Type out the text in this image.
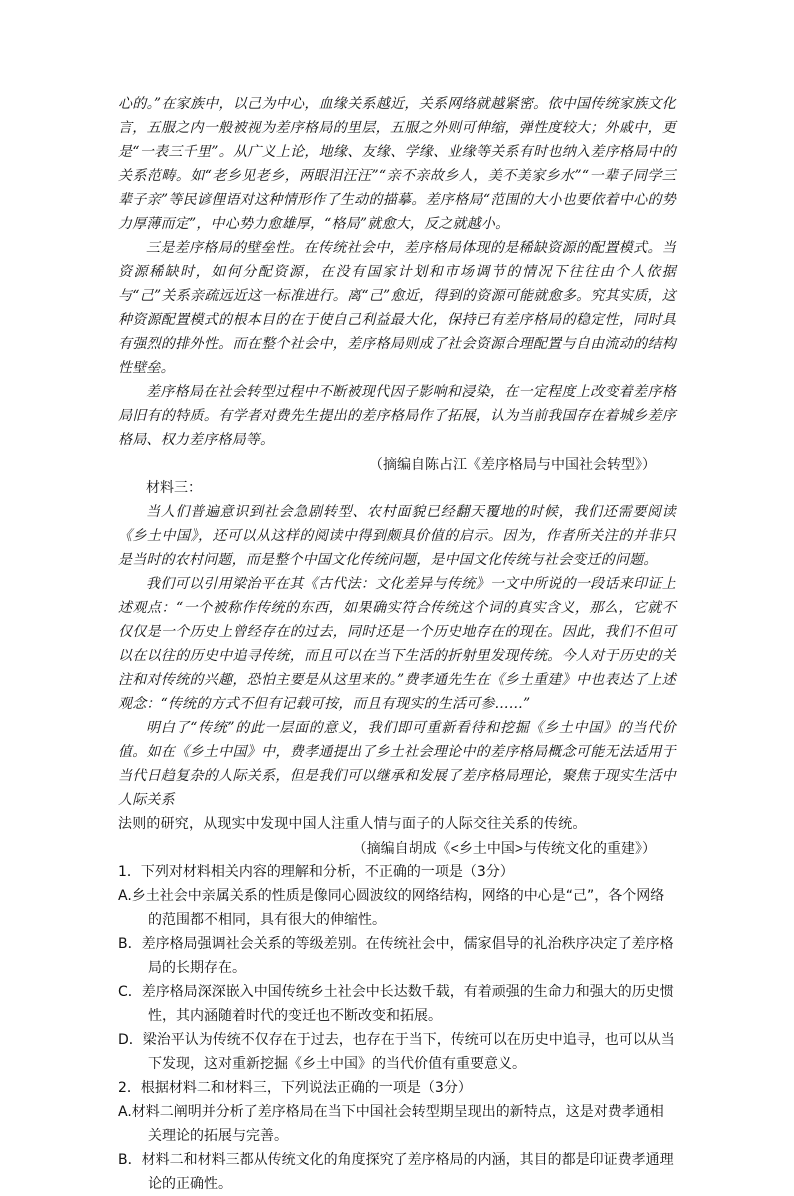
心的。”在家族中，以己为中心，血缘关系越近，关系网络就越紧密。依中国传统家族文化言，五服之内一般被视为差序格局的里层，五服之外则可伸缩，弹性度较大；外戚中，更是“一表三千里”。从广义上论，地缘、友缘、学缘、业缘等关系有时也纳入差序格局中的关系范畴。如“老乡见老乡，两眼泪汪汪”“亲不亲故乡人，美不美家乡水”“一辈子同学三辈子亲”等民谚俚语对这种情形作了生动的描摹。差序格局“范围的大小也要依着中心的势力厚薄而定”，中心势力愈雄厚，“格局”就愈大，反之就越小。

三是差序格局的壁垒性。在传统社会中，差序格局体现的是稀缺资源的配置模式。当资源稀缺时，如何分配资源，在没有国家计划和市场调节的情况下往往由个人依据与“己”关系亲疏远近这一标准进行。离“己”愈近，得到的资源可能就愈多。究其实质，这种资源配置模式的根本目的在于使自己利益最大化，保持已有差序格局的稳定性，同时具有强烈的排外性。而在整个社会中，差序格局则成了社会资源合理配置与自由流动的结构性壁垒。

差序格局在社会转型过程中不断被现代因子影响和浸染，在一定程度上改变着差序格局旧有的特质。有学者对费先生提出的差序格局作了拓展，认为当前我国存在着城乡差序格局、权力差序格局等。

（摘编自陈占江《差序格局与中国社会转型》）

材料三：

当人们普遍意识到社会急剧转型、农村面貌已经翻天覆地的时候，我们还需要阅读《乡土中国》，还可以从这样的阅读中得到颇具价值的启示。因为，作者所关注的并非只是当时的农村问题，而是整个中国文化传统问题，是中国文化传统与社会变迁的问题。

我们可以引用梁治平在其《古代法：文化差异与传统》一文中所说的一段话来印证上述观点：“一个被称作传统的东西，如果确实符合传统这个词的真实含义，那么，它就不仅仅是一个历史上曾经存在的过去，同时还是一个历史地存在的现在。因此，我们不但可以在以往的历史中追寻传统，而且可以在当下生活的折射里发现传统。今人对于历史的关注和对传统的兴趣，恐怕主要是从这里来的。”费孝通先生在《乡土重建》中也表达了上述观念：“传统的方式不但有记载可按，而且有现实的生活可参……”

明白了“传统”的此一层面的意义，我们即可重新看待和挖掘《乡土中国》的当代价值。如在《乡土中国》中，费孝通提出了乡土社会理论中的差序格局概念可能无法适用于当代日趋复杂的人际关系，但是我们可以继承和发展了差序格局理论，聚焦于现实生活中人际关系

法则的研究，从现实中发现中国人注重人情与面子的人际交往关系的传统。

（摘编自胡成《<乡土中国>与传统文化的重建》）

1．下列对材料相关内容的理解和分析，不正确的一项是（3分）

A.乡土社会中亲属关系的性质是像同心圆波纹的网络结构，网络的中心是“己”，各个网络的范围都不相同，具有很大的伸缩性。

B．差序格局强调社会关系的等级差别。在传统社会中，儒家倡导的礼治秩序决定了差序格局的长期存在。

C．差序格局深深嵌入中国传统乡土社会中长达数千载，有着顽强的生命力和强大的历史惯性，其内涵随着时代的变迁也不断改变和拓展。

D．梁治平认为传统不仅存在于过去，也存在于当下，传统可以在历史中追寻，也可以从当下发现，这对重新挖掘《乡土中国》的当代价值有重要意义。

2．根据材料二和材料三，下列说法正确的一项是（3分）

A.材料二阐明并分析了差序格局在当下中国社会转型期呈现出的新特点，这是对费孝通相关理论的拓展与完善。

B．材料二和材料三都从传统文化的角度探究了差序格局的内涵，其目的都是印证费孝通理论的正确性。
